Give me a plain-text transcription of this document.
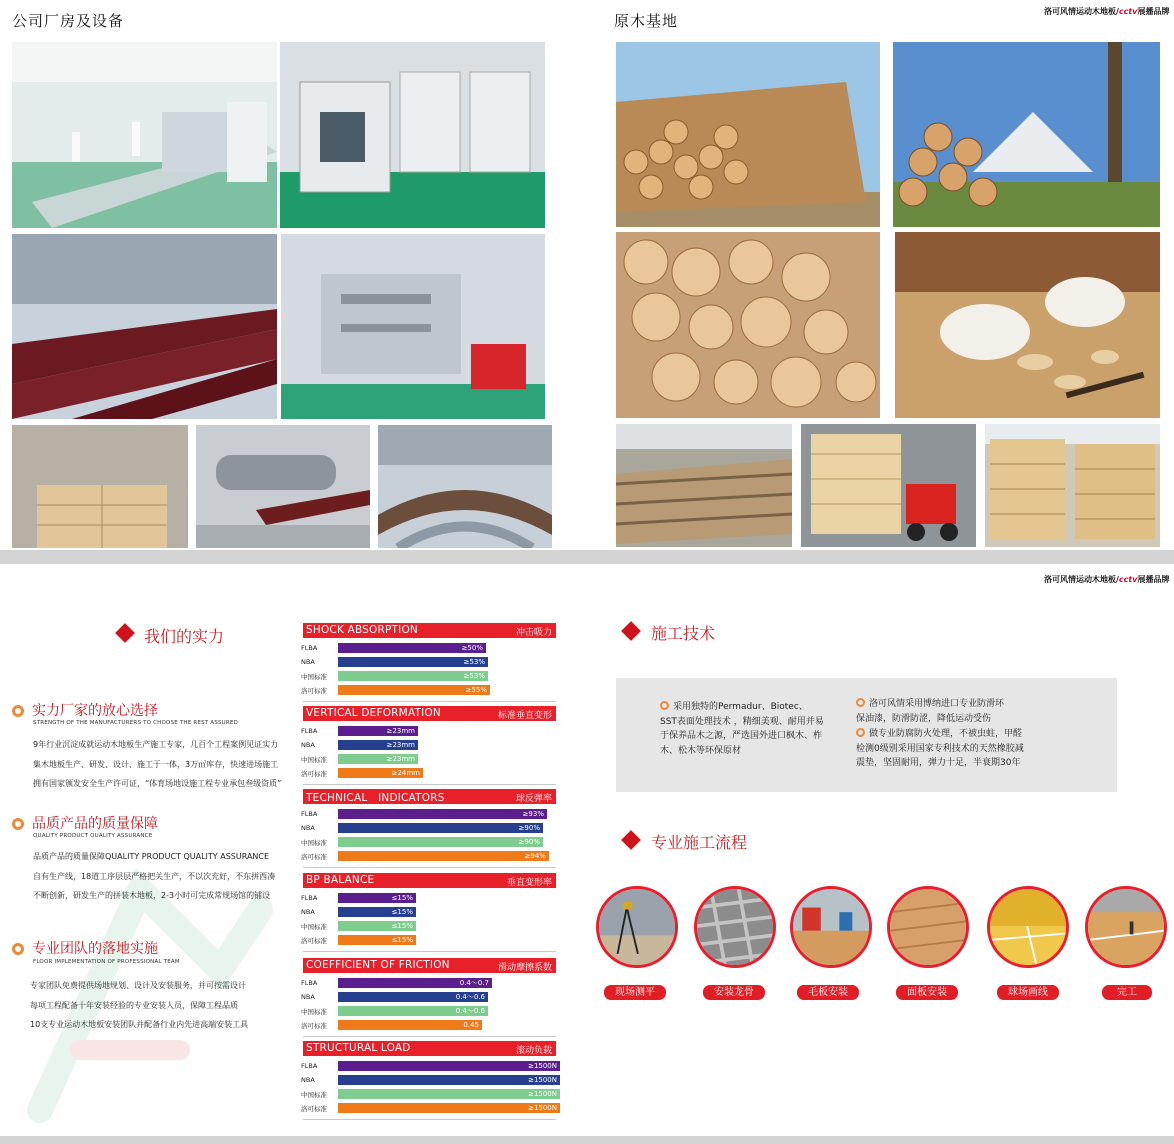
公司厂房及设备	原木基地
洛可风情运动木地板/cctv展播品牌
洛可风情运动木地板/cctv展播品牌
我们的实力
实力厂家的放心选择
STRENGTH OF THE MANUFACTURERS TO CHOOSE THE REST ASSURED
9年行业沉淀成就运动木地板生产施工专家，几百个工程案例见证实力
集木地板生产、研发、设计、施工于一体，3万㎡库存，快速进场施工
拥有国家颁发安全生产许可证，“体育场地设施工程专业承包叁级资质”
品质产品的质量保障
QUALITY PRODUCT QUALITY ASSURANCE
品质产品的质量保障QUALITY PRODUCT QUALITY ASSURANCE
自有生产线，18道工序层层严格把关生产，不以次充好，不东拼西凑
不断创新，研发生产的拼装木地板，2-3小时可完成常规场馆的铺设
专业团队的落地实施
FLOOR IMPLEMENTATION OF PROFESSIONAL TEAM
专家团队免费提供场地规划、设计及安装服务，并可按需设计
每项工程配备十年安装经验的专业安装人员，保障工程品质
10支专业运动木地板安装团队并配备行业内先进高端安装工具
SHOCK ABSORPTION	冲击吸力
FLBA	≥50%
NBA	≥53%
中国标准	≥53%
洛可标准	≥55%
VERTICAL DEFORMATION	标准垂直变形
FLBA	≥23mm
NBA	≥23mm
中国标准	≥23mm
洛可标准	≥24mm
TECHNICAL　INDICATORS	球反弹率
FLBA	≥93%
NBA	≥90%
中国标准	≥90%
洛可标准	≥94%
BP BALANCE	垂直变形率
FLBA	≤15%
NBA	≤15%
中国标准	≤15%
洛可标准	≤15%
COEFFICIENT OF FRICTION	滑动摩擦系数
FLBA	0.4～0.7
NBA	0.4～0.6
中国标准	0.4～0.6
洛可标准	0.45
STRUCTURAL LOAD	滚动负载
FLBA	≥1500N
NBA	≥1500N
中国标准	≥1500N
洛可标准	≥1500N
施工技术
采用独特的Permadur、Biotec、
SST表面处理技术 ，精细美观、耐用并易
于保养品木之源，严选国外进口枫木、柞
木、松木等环保原材
洛可风情采用博纳进口专业防滑环
保油漆，防滑防涩，降低运动受伤
做专业防腐防火处理，不被虫蛀，甲醛
检测0级别采用国家专利技术的天然橡胶减
震垫，坚固耐用，弹力十足，半衰期30年
专业施工流程
现场测平	安装龙骨	毛板安装	面板安装	球场画线	完工
